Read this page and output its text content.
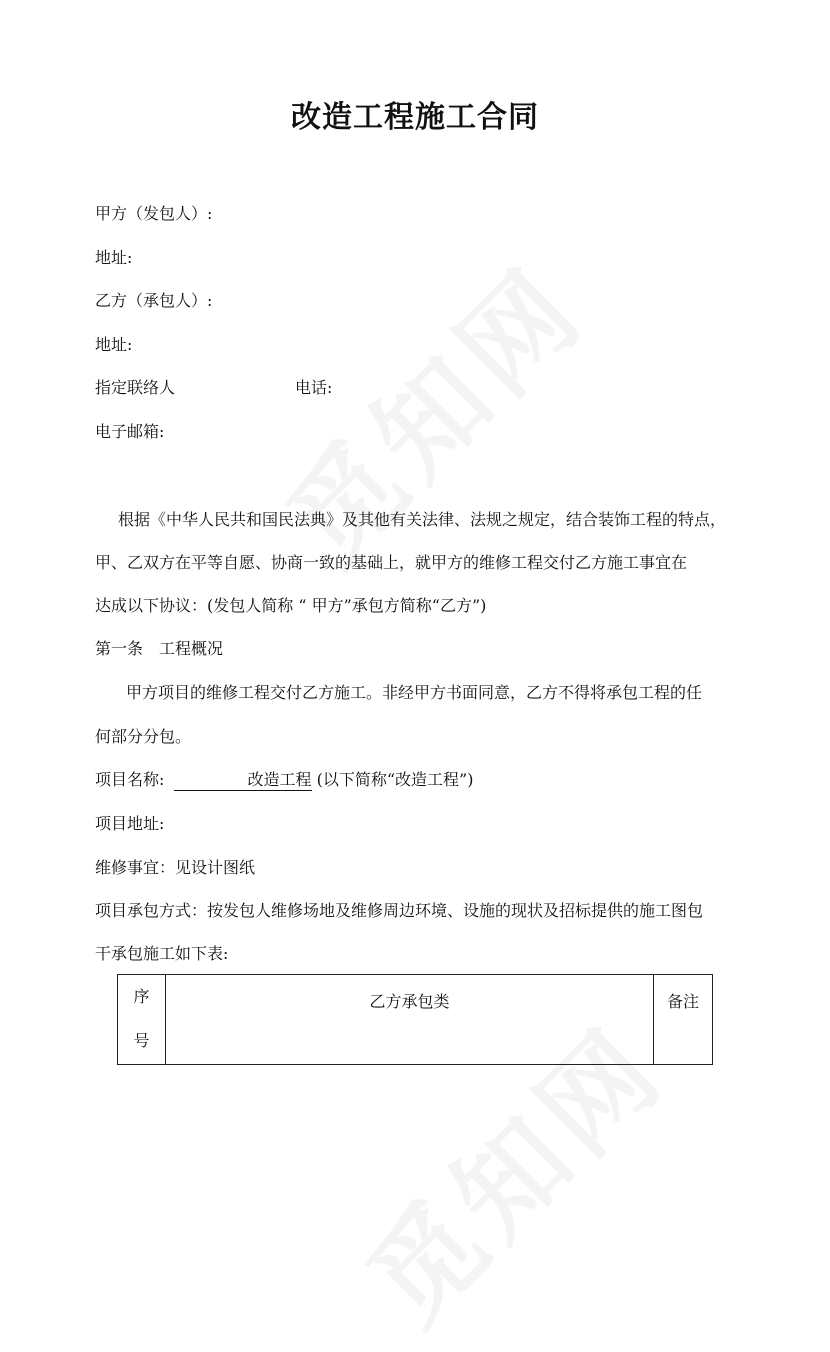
改造工程施工合同
甲方（发包人）:
地址:
乙方（承包人）:
地址:
指定联络人	电话:
电子邮箱:
根据《中华人民共和国民法典》及其他有关法律、法规之规定，结合装饰工程的特点，
甲、乙双方在平等自愿、协商一致的基础上，就甲方的维修工程交付乙方施工事宜在
达成以下协议：(发包人简称 “ 甲方”承包方简称“乙方”)
第一条　工程概况
甲方项目的维修工程交付乙方施工。非经甲方书面同意，乙方不得将承包工程的任
何部分分包。
项目名称:	改造工程 (以下简称“改造工程”)
项目地址:
维修事宜：见设计图纸
项目承包方式：按发包人维修场地及维修周边环境、设施的现状及招标提供的施工图包
干承包施工如下表:
序
号
	乙方承包类	备注
